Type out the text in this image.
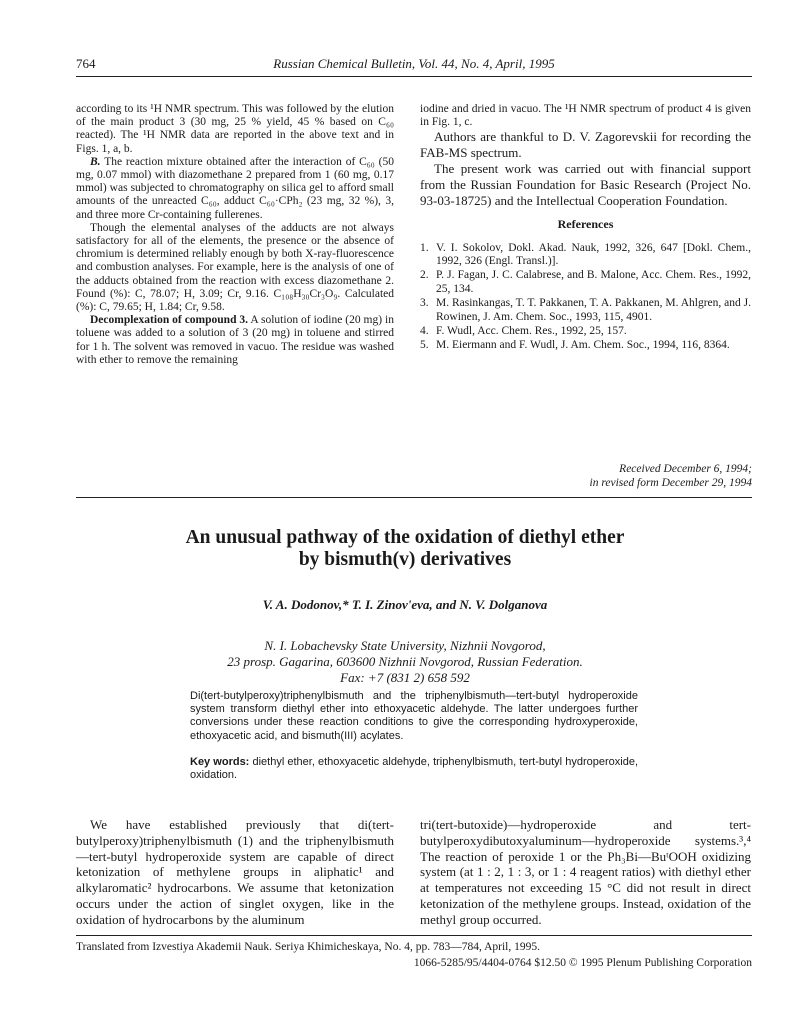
764	Russian Chemical Bulletin, Vol. 44, No. 4, April, 1995

according to its ¹H NMR spectrum. This was followed by the elution of the main product 3 (30 mg, 25 % yield, 45 % based on C₆₀ reacted). The ¹H NMR data are reported in the above text and in Figs. 1, a, b.

B. The reaction mixture obtained after the interaction of C₆₀ (50 mg, 0.07 mmol) with diazomethane 2 prepared from 1 (60 mg, 0.17 mmol) was subjected to chromatography on silica gel to afford small amounts of the unreacted C₆₀, adduct C₆₀·CPh₂ (23 mg, 32 %), 3, and three more Cr-containing fullerenes.

Though the elemental analyses of the adducts are not always satisfactory for all of the elements, the presence or the absence of chromium is determined reliably enough by both X-ray-fluorescence and combustion analyses. For example, here is the analysis of one of the adducts obtained from the reaction with excess diazomethane 2. Found (%): C, 78.07; H, 3.09; Cr, 9.16. C₁₀₈H₃₀Cr₃O₉. Calculated (%): C, 79.65; H, 1.84; Cr, 9.58.

Decomplexation of compound 3. A solution of iodine (20 mg) in toluene was added to a solution of 3 (20 mg) in toluene and stirred for 1 h. The solvent was removed in vacuo. The residue was washed with ether to remove the remaining

iodine and dried in vacuo. The ¹H NMR spectrum of product 4 is given in Fig. 1, c.

Authors are thankful to D. V. Zagorevskii for recording the FAB-MS spectrum.

The present work was carried out with financial support from the Russian Foundation for Basic Research (Project No. 93-03-18725) and the Intellectual Cooperation Foundation.

References
1. V. I. Sokolov, Dokl. Akad. Nauk, 1992, 326, 647 [Dokl. Chem., 1992, 326 (Engl. Transl.)].
2. P. J. Fagan, J. C. Calabrese, and B. Malone, Acc. Chem. Res., 1992, 25, 134.
3. M. Rasinkangas, T. T. Pakkanen, T. A. Pakkanen, M. Ahlgren, and J. Rowinen, J. Am. Chem. Soc., 1993, 115, 4901.
4. F. Wudl, Acc. Chem. Res., 1992, 25, 157.
5. M. Eiermann and F. Wudl, J. Am. Chem. Soc., 1994, 116, 8364.
Received December 6, 1994;
in revised form December 29, 1994
An unusual pathway of the oxidation of diethyl ether
by bismuth(v) derivatives
V. A. Dodonov,* T. I. Zinov'eva, and N. V. Dolganova
N. I. Lobachevsky State University, Nizhnii Novgorod,
23 prosp. Gagarina, 603600 Nizhnii Novgorod, Russian Federation.
Fax: +7 (831 2) 658 592
Di(tert-butylperoxy)triphenylbismuth and the triphenylbismuth—tert-butyl hydroperoxide system transform diethyl ether into ethoxyacetic aldehyde. The latter undergoes further conversions under these reaction conditions to give the corresponding hydroxyperoxide, ethoxyacetic acid, and bismuth(III) acylates.
Key words: diethyl ether, ethoxyacetic aldehyde, triphenylbismuth, tert-butyl hydroperoxide, oxidation.
We have established previously that di(tert-butylperoxy)triphenylbismuth (1) and the triphenylbismuth—tert-butyl hydroperoxide system are capable of direct ketonization of methylene groups in aliphatic¹ and alkylaromatic² hydrocarbons. We assume that ketonization occurs under the action of singlet oxygen, like in the oxidation of hydrocarbons by the aluminum
tri(tert-butoxide)—hydroperoxide and tert-butylperoxydibutoxyaluminum—hydroperoxide systems.³,⁴ The reaction of peroxide 1 or the Ph₃Bi—BuᵗOOH oxidizing system (at 1 : 2, 1 : 3, or 1 : 4 reagent ratios) with diethyl ether at temperatures not exceeding 15 °C did not result in direct ketonization of the methylene groups. Instead, oxidation of the methyl group occurred.
Translated from Izvestiya Akademii Nauk. Seriya Khimicheskaya, No. 4, pp. 783—784, April, 1995.
1066-5285/95/4404-0764 $12.50 © 1995 Plenum Publishing Corporation
